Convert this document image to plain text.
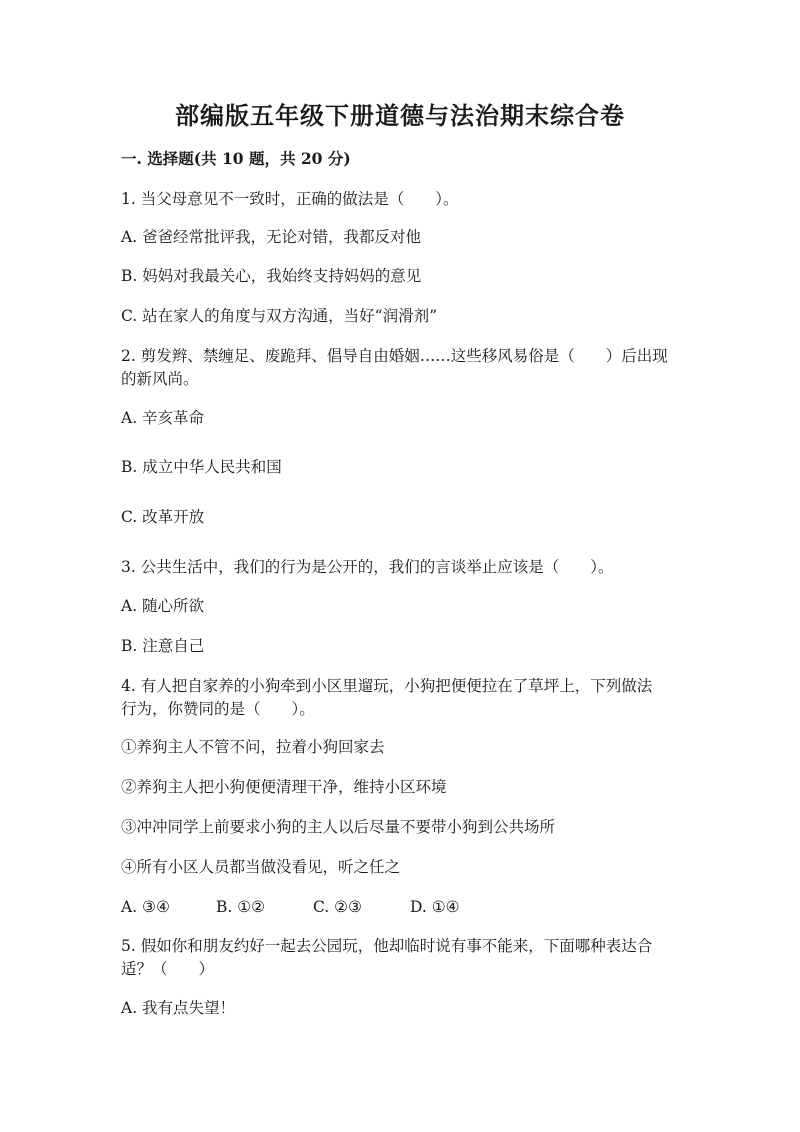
部编版五年级下册道德与法治期末综合卷
一. 选择题(共 10 题，共 20 分)
1. 当父母意见不一致时，正确的做法是（　　）。
A. 爸爸经常批评我，无论对错，我都反对他
B. 妈妈对我最关心，我始终支持妈妈的意见
C. 站在家人的角度与双方沟通，当好“润滑剂”
2. 剪发辫、禁缠足、废跪拜、倡导自由婚姻……这些移风易俗是（　　）后出现
的新风尚。
A. 辛亥革命
B. 成立中华人民共和国
C. 改革开放
3. 公共生活中，我们的行为是公开的，我们的言谈举止应该是（　　）。
A. 随心所欲
B. 注意自己
4. 有人把自家养的小狗牵到小区里遛玩，小狗把便便拉在了草坪上，下列做法
行为，你赞同的是（　　）。
①养狗主人不管不问，拉着小狗回家去
②养狗主人把小狗便便清理干净，维持小区环境
③冲冲同学上前要求小狗的主人以后尽量不要带小狗到公共场所
④所有小区人员都当做没看见，听之任之
A. ③④	B. ①②	C. ②③	D. ①④
5. 假如你和朋友约好一起去公园玩，他却临时说有事不能来，下面哪种表达合
适？（　　）
A. 我有点失望！
